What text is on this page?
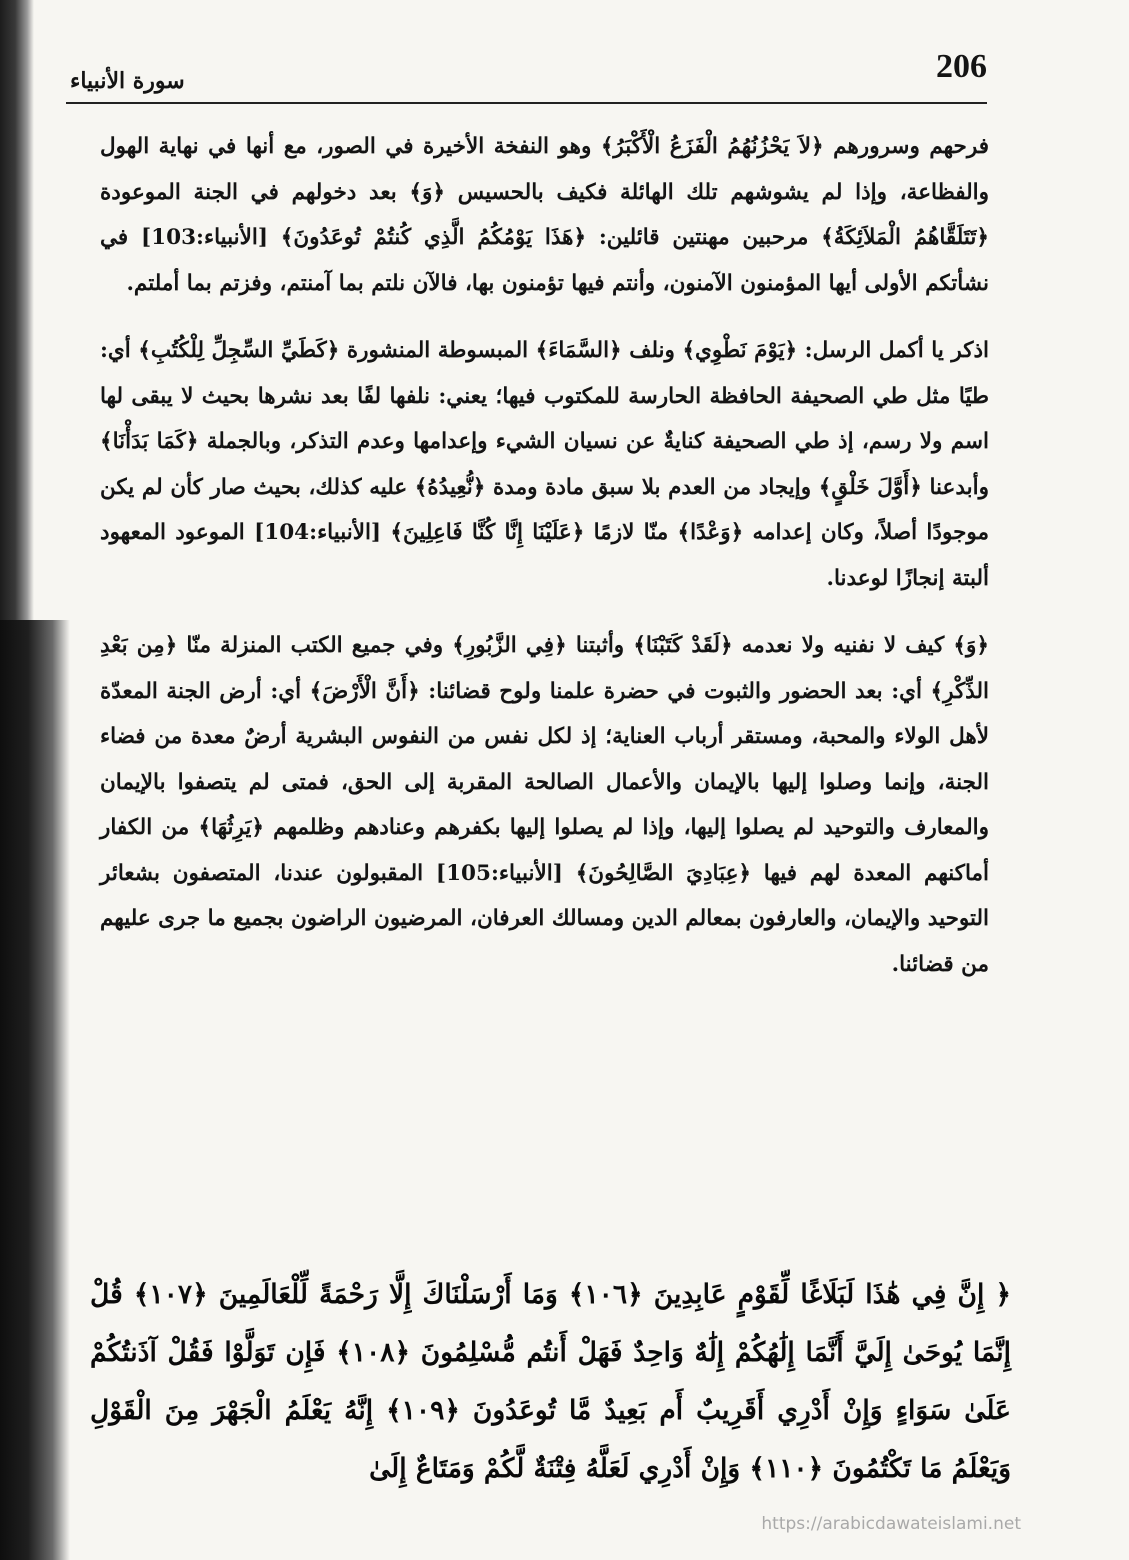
206
سورة الأنبياء

فرحهم وسرورهم ﴿لاَ يَحْزُنُهُمُ الْفَزَعُ الْأَكْبَرُ﴾ وهو النفخة الأخيرة في الصور، مع أنها في نهاية الهول والفظاعة، وإذا لم يشوشهم تلك الهائلة فكيف بالحسيس ﴿وَ﴾ بعد دخولهم في الجنة الموعودة ﴿تَتَلَقَّاهُمُ الْمَلاَئِكَةُ﴾ مرحبين مهنتين قائلين: ﴿هَذَا يَوْمُكُمُ الَّذِي كُنتُمْ تُوعَدُونَ﴾ [الأنبياء:103] في نشأتكم الأولى أيها المؤمنون الآمنون، وأنتم فيها تؤمنون بها، فالآن نلتم بما آمنتم، وفزتم بما أملتم.

اذكر يا أكمل الرسل: ﴿يَوْمَ نَطْوِي﴾ ونلف ﴿السَّمَاءَ﴾ المبسوطة المنشورة ﴿كَطَيِّ السِّجِلِّ لِلْكُتُبِ﴾ أي: طيًا مثل طي الصحيفة الحافظة الحارسة للمكتوب فيها؛ يعني: نلفها لفًا بعد نشرها بحيث لا يبقى لها اسم ولا رسم، إذ طي الصحيفة كنايةٌ عن نسيان الشيء وإعدامها وعدم التذكر، وبالجملة ﴿كَمَا بَدَأْنَا﴾ وأبدعنا ﴿أَوَّلَ خَلْقٍ﴾ وإيجاد من العدم بلا سبق مادة ومدة ﴿نُّعِيدُهُ﴾ عليه كذلك، بحيث صار كأن لم يكن موجودًا أصلاً، وكان إعدامه ﴿وَعْدًا﴾ منّا لازمًا ﴿عَلَيْنَا إِنَّا كُنَّا فَاعِلِينَ﴾ [الأنبياء:104] الموعود المعهود ألبتة إنجازًا لوعدنا.

﴿وَ﴾ كيف لا نفنيه ولا نعدمه ﴿لَقَدْ كَتَبْنَا﴾ وأثبتنا ﴿فِي الزَّبُورِ﴾ وفي جميع الكتب المنزلة منّا ﴿مِن بَعْدِ الذِّكْرِ﴾ أي: بعد الحضور والثبوت في حضرة علمنا ولوح قضائنا: ﴿أَنَّ الْأَرْضَ﴾ أي: أرض الجنة المعدّة لأهل الولاء والمحبة، ومستقر أرباب العناية؛ إذ لكل نفس من النفوس البشرية أرضٌ معدة من فضاء الجنة، وإنما وصلوا إليها بالإيمان والأعمال الصالحة المقربة إلى الحق، فمتى لم يتصفوا بالإيمان والمعارف والتوحيد لم يصلوا إليها، وإذا لم يصلوا إليها بكفرهم وعنادهم وظلمهم ﴿يَرِثُهَا﴾ من الكفار أماكنهم المعدة لهم فيها ﴿عِبَادِيَ الصَّالِحُونَ﴾ [الأنبياء:105] المقبولون عندنا، المتصفون بشعائر التوحيد والإيمان، والعارفون بمعالم الدين ومسالك العرفان، المرضيون الراضون بجميع ما جرى عليهم من قضائنا.

﴿ إِنَّ فِي هَٰذَا لَبَلَاغًا لِّقَوْمٍ عَابِدِينَ ﴿١٠٦﴾ وَمَا أَرْسَلْنَاكَ إِلَّا رَحْمَةً لِّلْعَالَمِينَ ﴿١٠٧﴾ قُلْ إِنَّمَا يُوحَىٰ إِلَيَّ أَنَّمَا إِلَٰهُكُمْ إِلَٰهٌ وَاحِدٌ فَهَلْ أَنتُم مُّسْلِمُونَ ﴿١٠٨﴾ فَإِن تَوَلَّوْا فَقُلْ آذَنتُكُمْ عَلَىٰ سَوَاءٍ وَإِنْ أَدْرِي أَقَرِيبٌ أَم بَعِيدٌ مَّا تُوعَدُونَ ﴿١٠٩﴾ إِنَّهُ يَعْلَمُ الْجَهْرَ مِنَ الْقَوْلِ وَيَعْلَمُ مَا تَكْتُمُونَ ﴿١١٠﴾ وَإِنْ أَدْرِي لَعَلَّهُ فِتْنَةٌ لَّكُمْ وَمَتَاعٌ إِلَىٰ
https://arabicdawateislami.net
